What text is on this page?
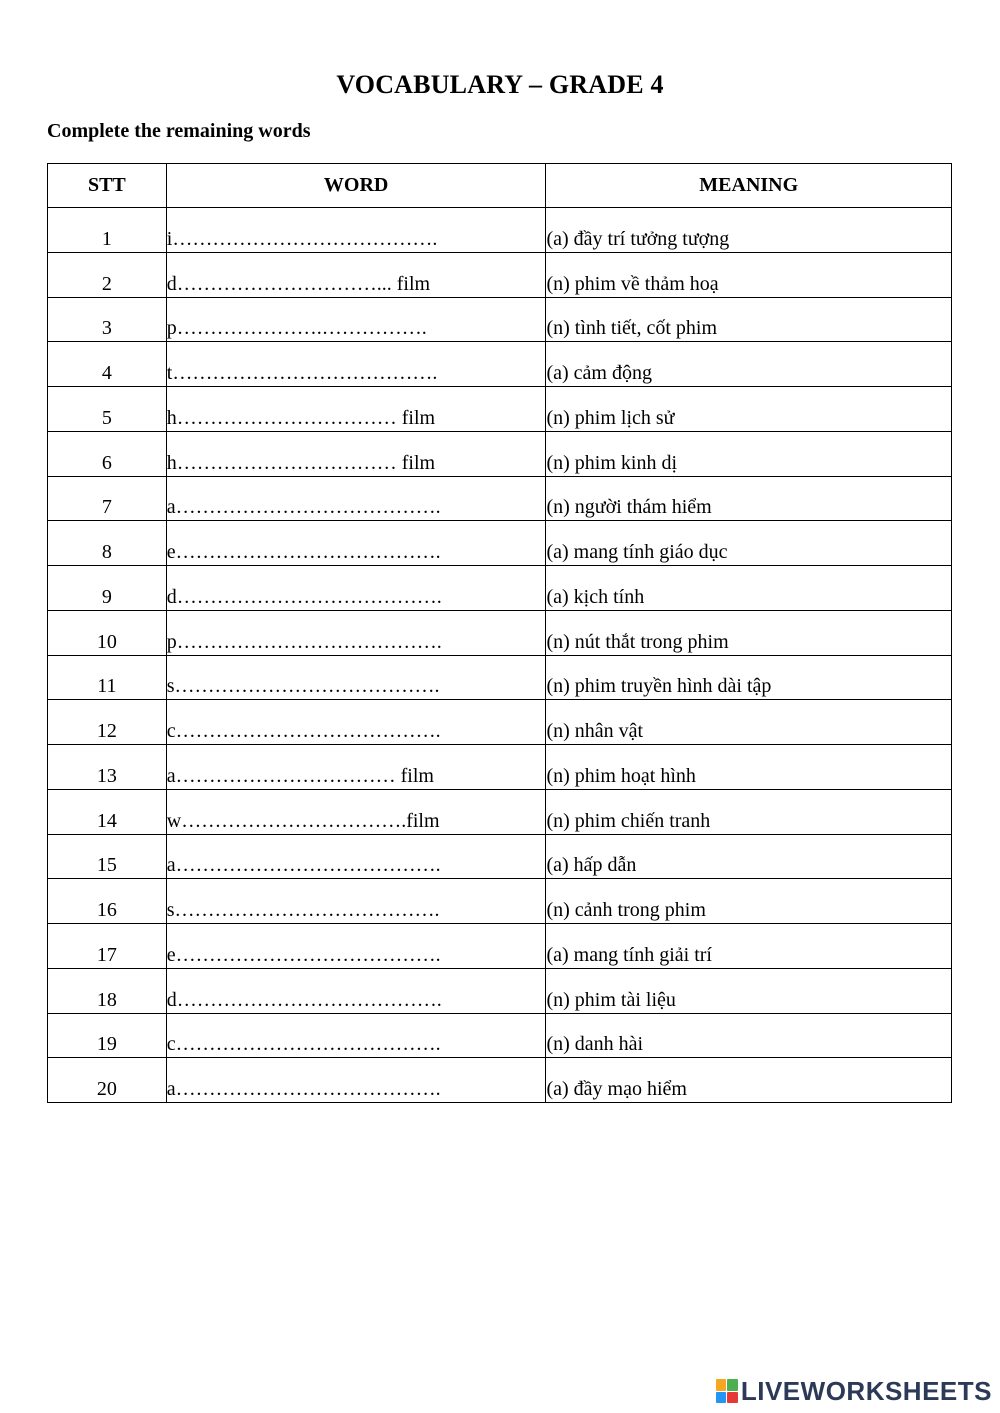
VOCABULARY – GRADE 4
Complete the remaining words
STT	WORD	MEANING
1	i………………………………….	(a) đầy trí tưởng tượng
2	d…………………………... film	(n) phim về thảm hoạ
3	p………………….…………….	(n) tình tiết, cốt phim
4	t………………………………….	(a) cảm động
5	h…………………………… film	(n) phim lịch sử
6	h…………………………… film	(n) phim kinh dị
7	a………………………………….	(n) người thám hiểm
8	e………………………………….	(a) mang tính giáo dục
9	d………………………………….	(a) kịch tính
10	p………………………………….	(n) nút thắt trong phim
11	s………………………………….	(n) phim truyền hình dài tập
12	c………………………………….	(n) nhân vật
13	a…………………………… film	(n) phim hoạt hình
14	w…………………………….film	(n) phim chiến tranh
15	a………………………………….	(a) hấp dẫn
16	s………………………………….	(n) cảnh trong phim
17	e………………………………….	(a) mang tính giải trí
18	d………………………………….	(n) phim tài liệu
19	c………………………………….	(n) danh hài
20	a………………………………….	(a) đầy mạo hiểm
LIVEWORKSHEETS
